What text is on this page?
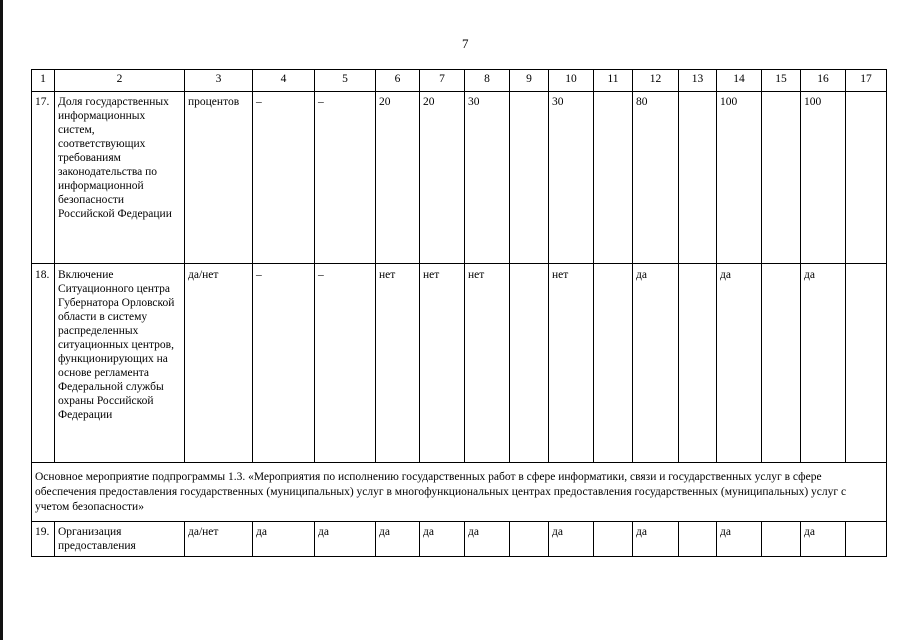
7
1	2	3	4	5	6	7	8	9	10	11	12	13	14	15	16	17
17.	Доля государственных информационных систем, соответствующих требованиям законодательства по информационной безопасности Российской Федерации	процентов	–	–	20	20	30		30		80		100		100	
18.	Включение Ситуационного центра Губернатора Орловской области в систему распределенных ситуационных центров, функционирующих на основе регламента Федеральной службы охраны Российской Федерации	да/нет	–	–	нет	нет	нет		нет		да		да		да	
Основное мероприятие подпрограммы 1.3. «Мероприятия по исполнению государственных работ в сфере информатики, связи и государственных услуг в сфере обеспечения предоставления государственных (муниципальных) услуг в многофункциональных центрах предоставления государственных (муниципальных) услуг с учетом безопасности»																
19.	Организация предоставления	да/нет	да	да	да	да	да		да		да		да		да	
